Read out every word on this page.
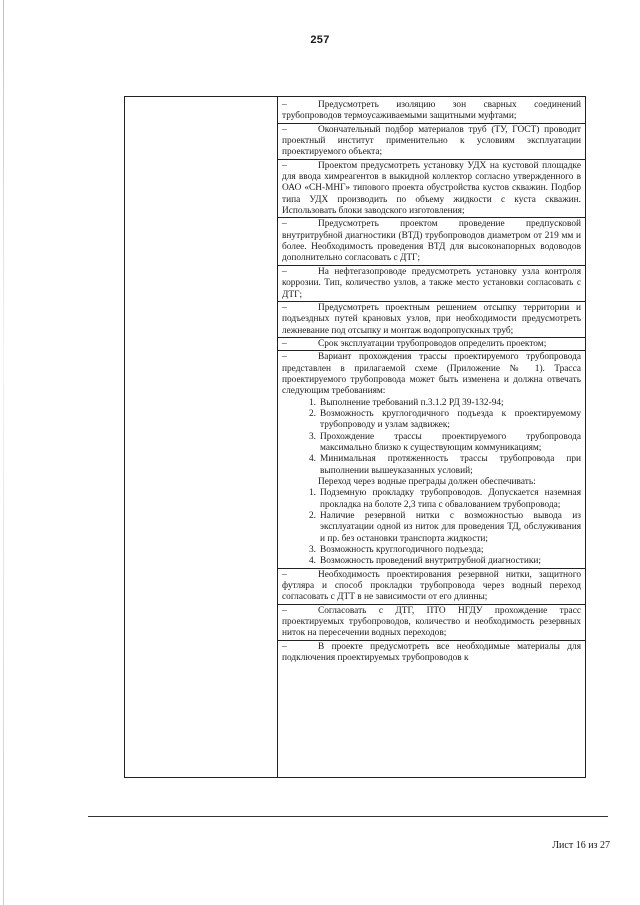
257
–	Предусмотреть изоляцию зон сварных соединений трубопроводов термоусаживаемыми защитными муфтами;
–	Окончательный подбор материалов труб (ТУ, ГОСТ) проводит проектный институт применительно к условиям эксплуатации проектируемого объекта;
–	Проектом предусмотреть установку УДХ на кустовой площадке для ввода химреагентов в выкидной коллектор согласно утвержденного в ОАО «СН-МНГ» типового проекта обустройства кустов скважин. Подбор типа УДХ производить по объему жидкости с куста скважин. Использовать блоки заводского изготовления;
–	Предусмотреть проектом проведение предпусковой внутритрубной диагностики (ВТД) трубопроводов диаметром от 219 мм и более. Необходимость проведения ВТД для высоконапорных водоводов дополнительно согласовать с ДТГ;
–	На нефтегазопроводе предусмотреть установку узла контроля коррозии. Тип, количество узлов, а также место установки согласовать с ДТГ;
–	Предусмотреть проектным решением отсыпку территории и подъездных путей крановых узлов, при необходимости предусмотреть лежневание под отсыпку и монтаж водопропускных труб;
–	Срок эксплуатации трубопроводов определить проектом;
–	Вариант прохождения трассы проектируемого трубопровода представлен в прилагаемой схеме (Приложение № 1). Трасса проектируемого трубопровода может быть изменена и должна отвечать следующим требованиям:
1. Выполнение требований п.3.1.2 РД 39-132-94;
2. Возможность круглогодичного подъезда к проектируемому трубопроводу и узлам задвижек;
3. Прохождение трассы проектируемого трубопровода максимально близко к существующим коммуникациям;
4. Минимальная протяженность трассы трубопровода при выполнении вышеуказанных условий;
Переход через водные преграды должен обеспечивать:
1. Подземную прокладку трубопроводов. Допускается наземная прокладка на болоте 2,3 типа с обвалованием трубопровода;
2. Наличие резервной нитки с возможностью вывода из эксплуатации одной из ниток для проведения ТД, обслуживания и пр. без остановки транспорта жидкости;
3. Возможность круглогодичного подъезда;
4. Возможность проведений внутритрубной диагностики;
–	Необходимость проектирования резервной нитки, защитного футляра и способ прокладки трубопровода через водный переход согласовать с ДТТ в не зависимости от его длинны;
–	Согласовать с ДТГ, ПТО НГДУ прохождение трасс проектируемых трубопроводов, количество и необходимость резервных ниток на пересечении водных переходов;
–	В проекте предусмотреть все необходимые материалы для подключения проектируемых трубопроводов к
Лист 16 из 27
